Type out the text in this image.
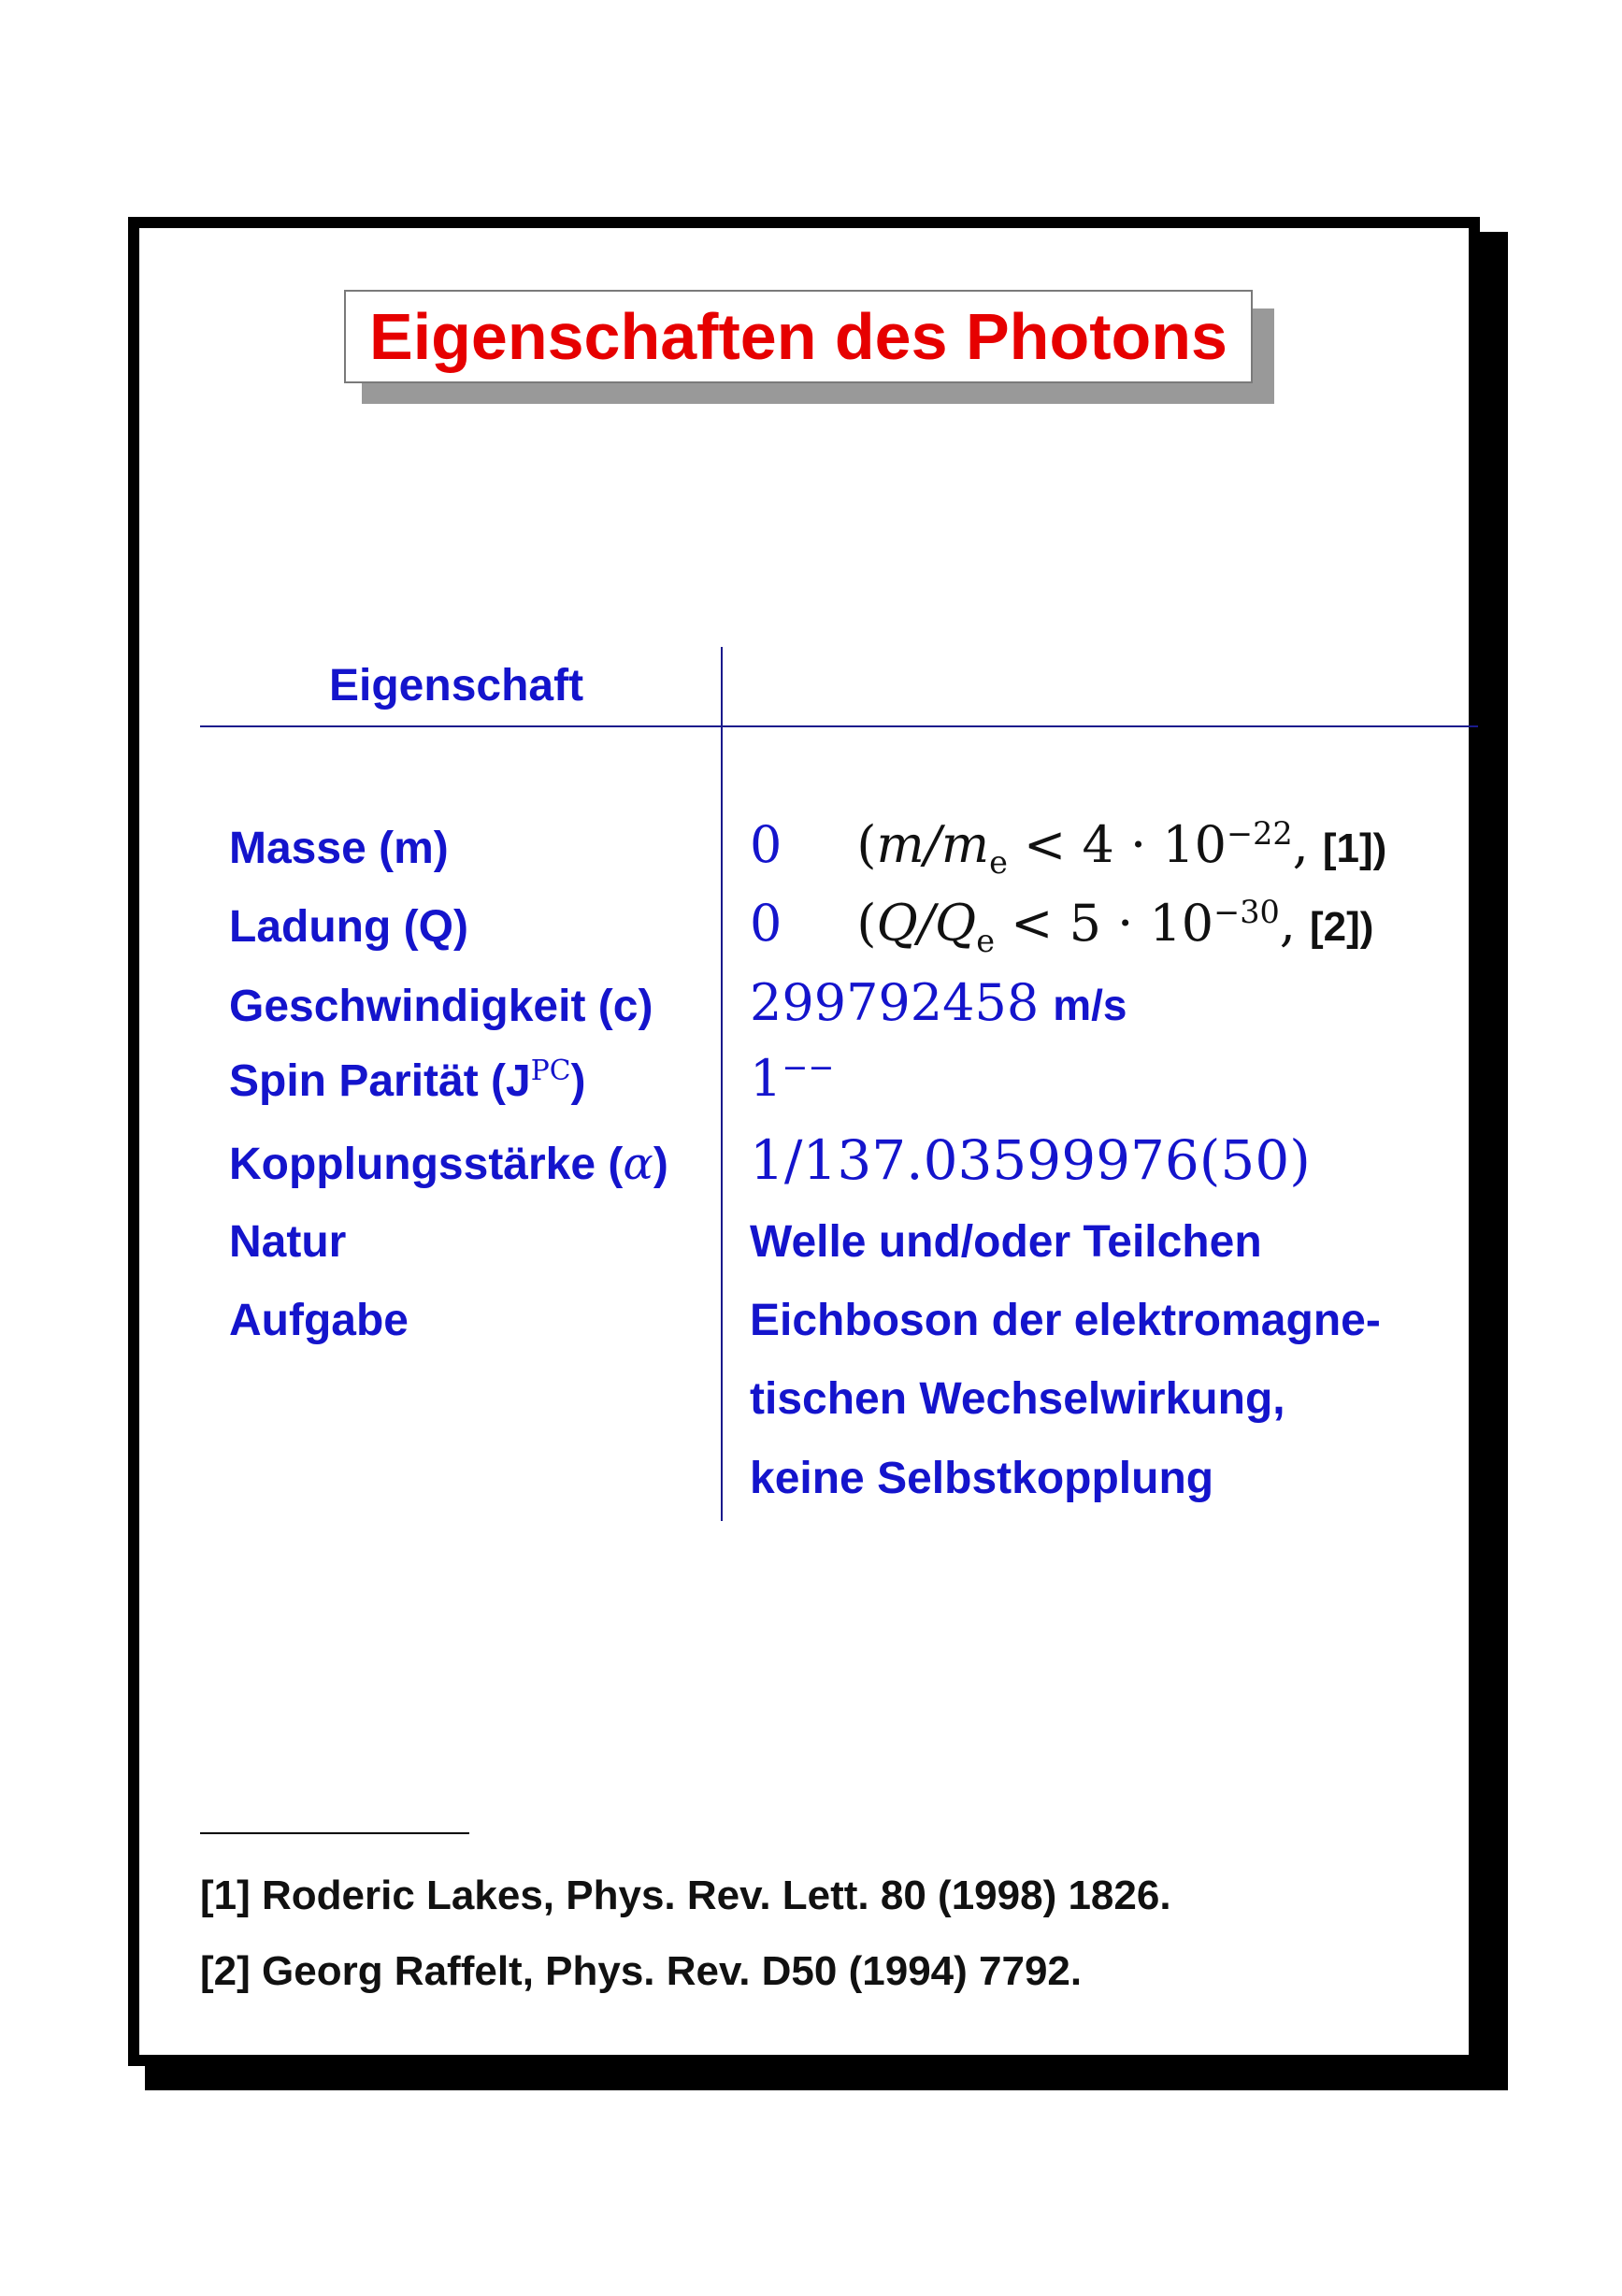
Eigenschaften des Photons
Eigenschaft
Masse (m)	0 ($m/m_e < 4 \cdot 10^{-22}$, [1])
Ladung (Q)	0 ($Q/Q_e < 5 \cdot 10^{-30}$, [2])
Geschwindigkeit (c) 299792458 m/s
Spin Parität $(J^{PC})$	1−−
Kopplungsstärke (α) 1/137.03599976(50)
Natur	Welle und/oder Teilchen
Aufgabe	Eichboson der elektromagne-
tischen Wechselwirkung,
keine Selbstkopplung
[1] Roderic Lakes, Phys. Rev. Lett. 80 (1998) 1826.
[2] Georg Raffelt, Phys. Rev. D50 (1994) 7792.
